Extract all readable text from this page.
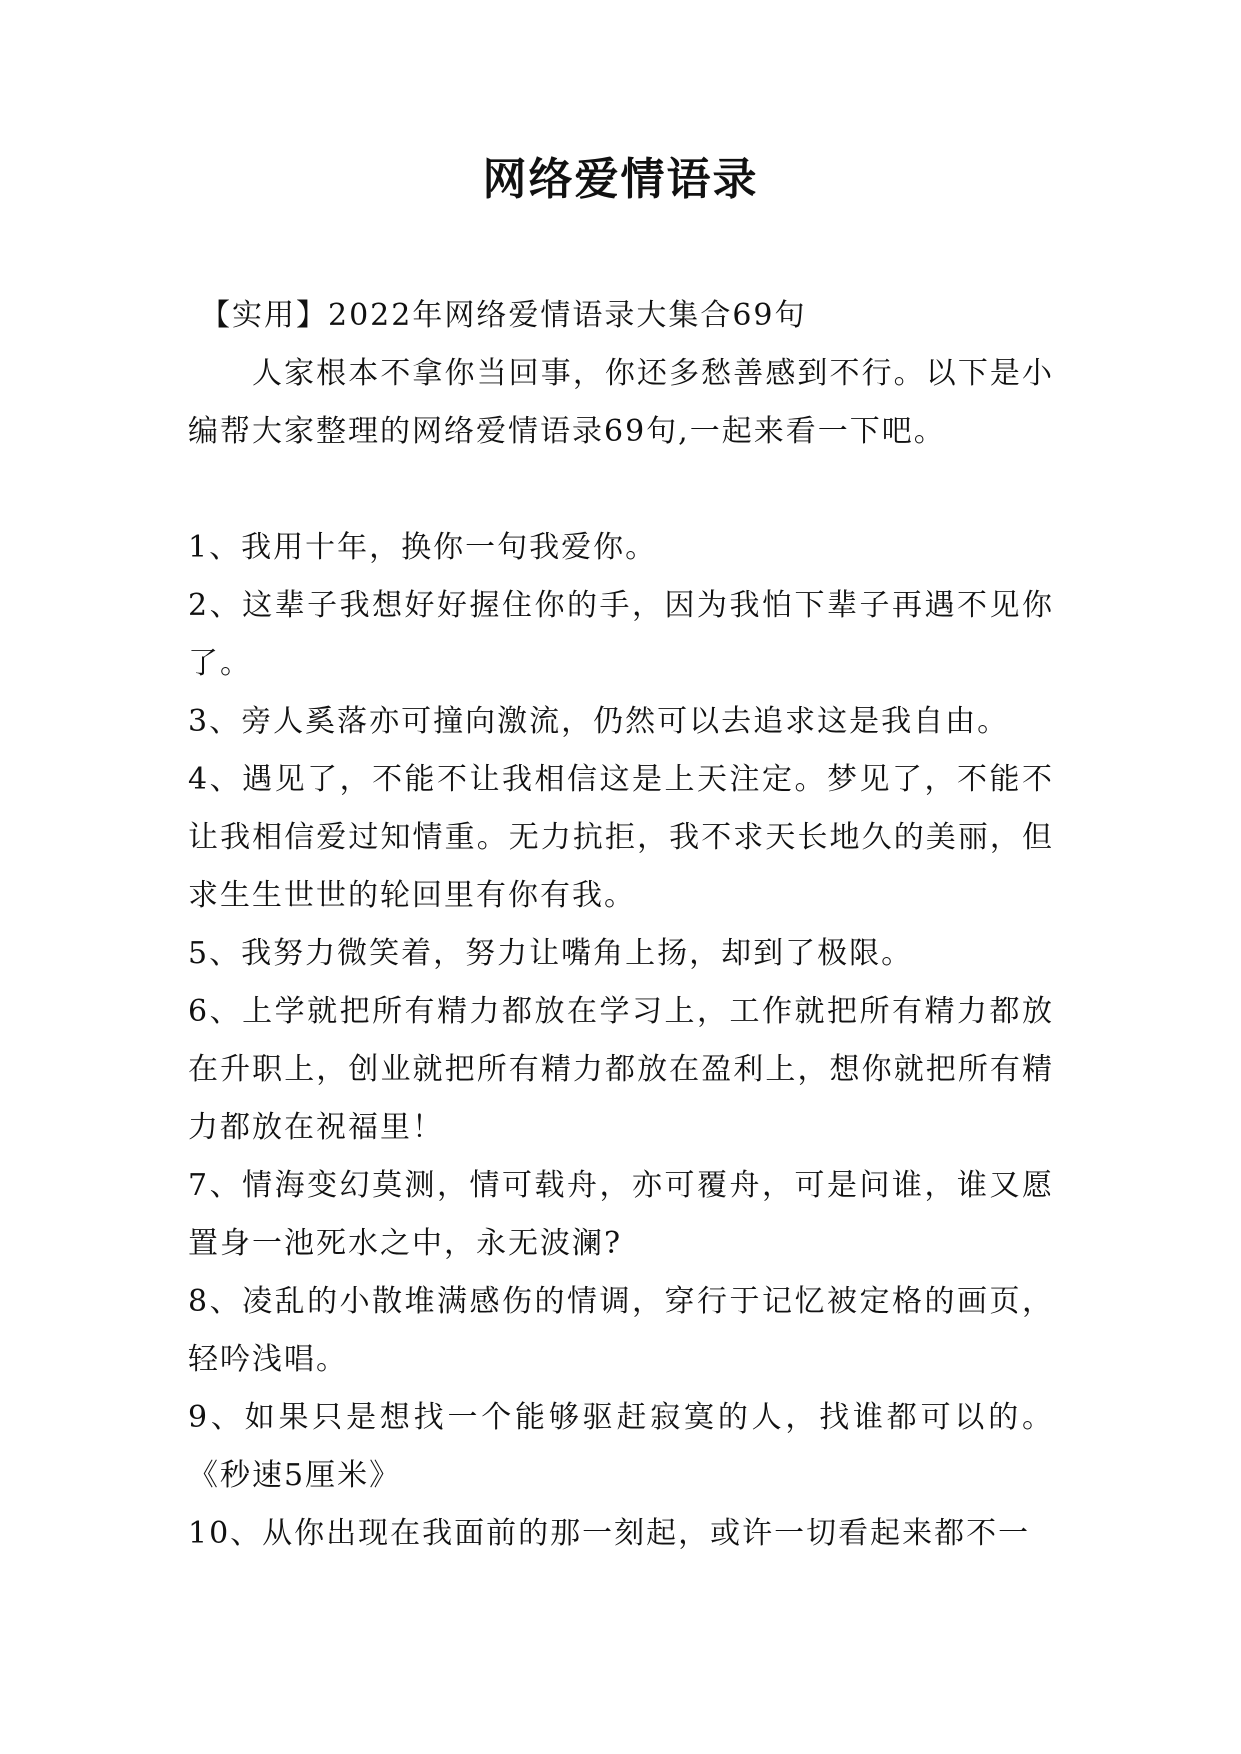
网络爱情语录

【实用】2022年网络爱情语录大集合69句

人家根本不拿你当回事，你还多愁善感到不行。以下是小编帮大家整理的网络爱情语录69句,一起来看一下吧。

1、我用十年，换你一句我爱你。
2、这辈子我想好好握住你的手，因为我怕下辈子再遇不见你了。
3、旁人奚落亦可撞向激流，仍然可以去追求这是我自由。
4、遇见了，不能不让我相信这是上天注定。梦见了，不能不让我相信爱过知情重。无力抗拒，我不求天长地久的美丽，但求生生世世的轮回里有你有我。
5、我努力微笑着，努力让嘴角上扬，却到了极限。
6、上学就把所有精力都放在学习上，工作就把所有精力都放在升职上，创业就把所有精力都放在盈利上，想你就把所有精力都放在祝福里！
7、情海变幻莫测，情可载舟，亦可覆舟，可是问谁，谁又愿置身一池死水之中，永无波澜?
8、凌乱的小散堆满感伤的情调，穿行于记忆被定格的画页，轻吟浅唱。
9、如果只是想找一个能够驱赶寂寞的人，找谁都可以的。《秒速5厘米》
10、从你出现在我面前的那一刻起，或许一切看起来都不一
